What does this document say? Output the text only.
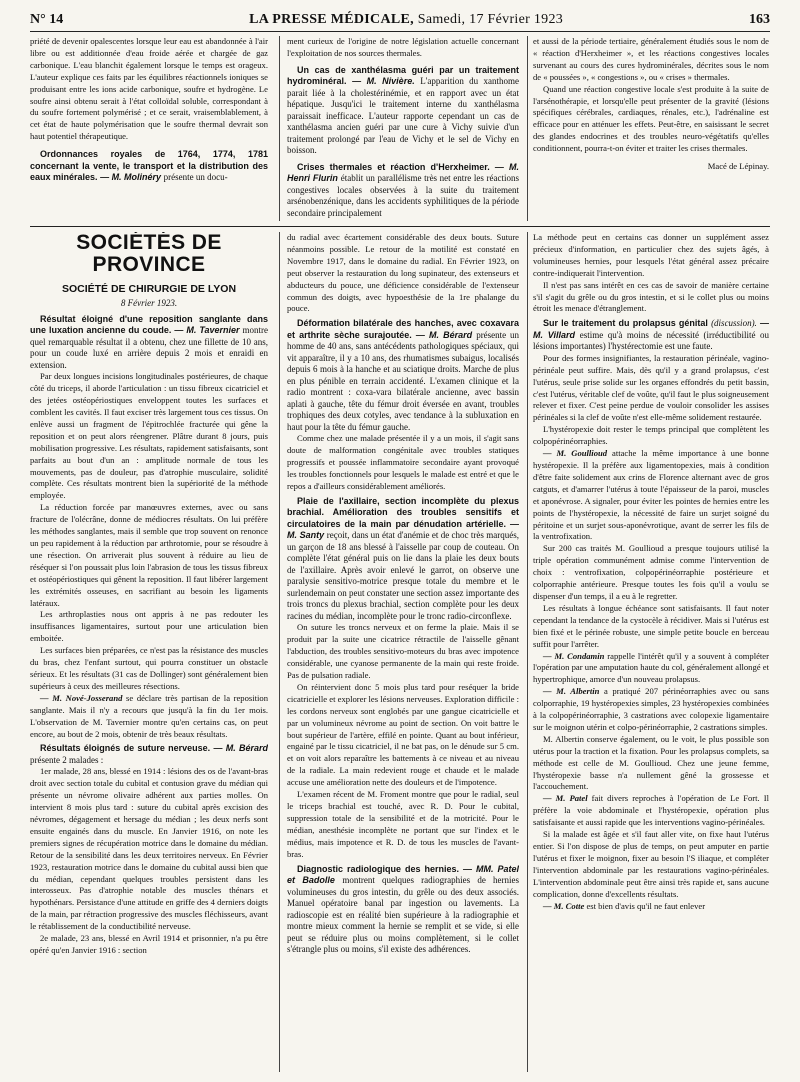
N° 14	LA PRESSE MÉDICALE, Samedi, 17 Février 1923	163

priété de devenir opalescentes lorsque leur eau est abandonnée à l'air libre ou est additionnée d'eau froide aérée et chargée de gaz carbonique. L'eau blanchit également lorsque le temps est orageux. L'auteur explique ces faits par les équilibres réactionnels ioniques se produisant entre les ions acide carbonique, soufre et hydrogène. Le soufre ainsi obtenu serait à l'état colloïdal soluble, correspondant à du soufre fortement polymérisé ; et ce serait, vraisemblablement, à cet état de haute polymérisation que le soufre thermal devrait son haut potentiel thérapeutique.

Ordonnances royales de 1764, 1774, 1781 concernant la vente, le transport et la distribution des eaux minérales. — M. Molinéry présente un docu-

ment curieux de l'origine de notre législation actuelle concernant l'exploitation de nos sources thermales.

Un cas de xanthélasma guéri par un traitement hydrominéral. — M. Nivière. L'apparition du xanthome parait liée à la cholestérinémie, et en rapport avec un état hépatique. Jusqu'ici le traitement interne du xanthélasma paraissait inefficace. L'auteur rapporte cependant un cas de xanthélasma ancien guéri par une cure à Vichy suivie d'un traitement prolongé par l'eau de Vichy et le sel de Vichy en boisson.
Crises thermales et réaction d'Herxheimer. — M. Henri Flurin établit un parallélisme très net entre les réactions congestives locales observées à la suite du traitement arsénobenzénique, dans les accidents syphilitiques de la période secondaire principalement

et aussi de la période tertiaire, généralement étudiés sous le nom de « réaction d'Herxheimer », et les réactions congestives locales survenant au cours des cures hydrominérales, décrites sous le nom de « poussées », « congestions », ou « crises » thermales.

Quand une réaction congestive locale s'est produite à la suite de l'arsénothérapie, et lorsqu'elle peut présenter de la gravité (lésions spécifiques cérébrales, cardiaques, rénales, etc.), l'adrénaline est efficace pour en atténuer les effets. Peut-être, en saisissant le secret des glandes endocrines et des troubles neuro-végétatifs qu'elles conditionnent, pourra-t-on éviter et traiter les crises thermales.

Macé de Lépinay.
SOCIÉTÉS DE PROVINCE
SOCIÉTÉ DE CHIRURGIE DE LYON
8 Février 1923.
Résultat éloigné d'une reposition sanglante dans une luxation ancienne du coude. — M. Tavernier montre quel remarquable résultat il a obtenu, chez une fillette de 10 ans, pour un coude luxé en arrière depuis 2 mois et enraidi en extension.

Par deux longues incisions longitudinales postérieures, de chaque côté du triceps, il aborde l'articulation : un tissu fibreux cicatriciel et des jetées ostéopériostiques enveloppent toutes les surfaces et comblent les cavités. Il faut exciser très largement tous ces tissus. On enlève aussi un fragment de l'épitrochlée fracturée qui gêne la reposition et on peut alors réengrener. Plâtre durant 8 jours, puis mobilisation progressive. Les résultats, rapidement satisfaisants, sont parfaits au bout d'un an : amplitude normale de tous les mouvements, pas de douleur, pas d'atrophie musculaire, solidité complète. Ces résultats montrent bien la supériorité de la méthode employée.

La réduction forcée par manœuvres externes, avec ou sans fracture de l'olécrâne, donne de médiocres résultats. On lui préfère les méthodes sanglantes, mais il semble que trop souvent on renonce un peu rapidement à la réduction par arthrotomie, pour se résoudre à une résection. On arriverait plus souvent à réduire au lieu de réséquer si l'on poussait plus loin l'abrasion de tous les tissus fibreux et ostéopériostiques qui gênent la reposition. Il faut libérer largement les extrémités osseuses, en sacrifiant au besoin les ligaments latéraux.

Les arthroplasties nous ont appris à ne pas redouter les insuffisances ligamentaires, surtout pour une articulation bien emboitée.

Les surfaces bien préparées, ce n'est pas la résistance des muscles du bras, chez l'enfant surtout, qui pourra constituer un obstacle sérieux. Et les résultats (31 cas de Dollinger) sont généralement bien supérieurs à ceux des meilleures résections.

— M. Nové-Josserand se déclare très partisan de la reposition sanglante. Mais il n'y a recours que jusqu'à la fin du 1er mois. L'observation de M. Tavernier montre qu'en certains cas, on peut encore, au bout de 2 mois, obtenir de très beaux résultats.

Résultats éloignés de suture nerveuse. — M. Bérard présente 2 malades :

1er malade, 28 ans, blessé en 1914 : lésions des os de l'avant-bras droit avec section totale du cubital et contusion grave du médian qui présente un névrome olivaire adhérent aux parties molles. On intervient 8 mois plus tard : suture du cubital après excision des névromes, dégagement et hersage du médian ; les deux nerfs sont ensuite engainés dans du muscle. En Janvier 1916, on note les premiers signes de récupération motrice dans le domaine du médian. Retour de la sensibilité dans les deux territoires nerveux. En Février 1923, restauration motrice dans le domaine du cubital aussi bien que du médian, cependant quelques troubles persistent dans les interosseux. Pas d'atrophie notable des muscles thénars et hypothénars. Persistance d'une attitude en griffe des 4 derniers doigts de la main, par rétraction progressive des muscles fléchisseurs, avant le rétablissement de la conductibilité nerveuse.

2e malade, 23 ans, blessé en Avril 1914 et prisonnier, n'a pu être opéré qu'en Janvier 1916 : section

du radial avec écartement considérable des deux bouts. Suture néanmoins possible. Le retour de la motilité est constaté en Novembre 1917, dans le domaine du radial. En Février 1923, on peut observer la restauration du long supinateur, des extenseurs et abducteurs du pouce, une déficience considérable de l'extenseur commun des doigts, avec hypoesthésie de la 1re phalange du pouce.

Déformation bilatérale des hanches, avec coxavara et arthrite sèche surajoutée. — M. Bérard présente un homme de 40 ans, sans antécédents pathologiques spéciaux, qui vit apparaître, il y a 10 ans, des rhumatismes subaigus, localisés depuis 6 mois à la hanche et au sciatique droits. Marche de plus en plus pénible en terrain accidenté. L'examen clinique et la radio montrent : coxa-vara bilatérale ancienne, avec bassin aplati à gauche, tête du fémur droit éversée en avant, troubles trophiques des deux cotyles, avec tendance à la subluxation en haut pour la tête du fémur gauche.

Comme chez une malade présentée il y a un mois, il s'agit sans doute de malformation congénitale avec troubles statiques progressifs et poussée inflammatoire secondaire ayant provoqué les troubles fonctionnels pour lesquels le malade est entré et que le repos a d'ailleurs considérablement améliorés.

Plaie de l'axillaire, section incomplète du plexus brachial. Amélioration des troubles sensitifs et circulatoires de la main par dénudation artérielle. — M. Santy reçoit, dans un état d'anémie et de choc très marqués, un garçon de 18 ans blessé à l'aisselle par coup de couteau. On complète l'état général puis on lie dans la plaie les deux bouts de l'axillaire. Après avoir enlevé le garrot, on observe une paralysie sensitivo-motrice presque totale du membre et le surlendemain on peut constater une section assez importante des trois troncs du plexus brachial, section complète pour les deux racines du médian, incomplète pour le tronc radio-circonflexe.

On suture les troncs nerveux et on ferme la plaie. Mais il se produit par la suite une cicatrice rétractile de l'aisselle gênant l'abduction, des troubles sensitivo-moteurs du bras avec impotence considérable, une cyanose permanente de la main qui reste froide. Pas de pulsation radiale.

On réintervient donc 5 mois plus tard pour reséquer la bride cicatricielle et explorer les lésions nerveuses. Exploration difficile : les cordons nerveux sont englobés par une gangue cicatricielle et par un volumineux névrome au point de section. On voit battre le bout supérieur de l'artère, effilé en pointe. Quant au bout inférieur, engainé par le tissu cicatriciel, il ne bat pas, on le dénude sur 5 cm. et on voit alors reparaître les battements à ce niveau et au niveau de la radiale. La main redevient rouge et chaude et le malade accuse une amélioration nette des douleurs et de l'impotence.

L'examen récent de M. Froment montre que pour le radial, seul le triceps brachial est touché, avec R. D. Pour le cubital, suppression totale de la sensibilité et de la motricité. Pour le médian, anesthésie incomplète ne portant que sur l'index et le médius, mais impotence et R. D. de tous les muscles de l'avant-bras.

Diagnostic radiologique des hernies. — MM. Patel et Badolle montrent quelques radiographies de hernies volumineuses du gros intestin, du grêle ou des deux associés. Manuel opératoire banal par ingestion ou lavements. La radioscopie est en réalité bien supérieure à la radiographie et montre mieux comment la hernie se remplit et se vide, si elle peut se réduire plus ou moins complètement, si le collet s'étrangle plus ou moins, s'il existe des adhérences.

La méthode peut en certains cas donner un supplément assez précieux d'information, en particulier chez des sujets âgés, à volumineuses hernies, pour lesquels l'état général assez précaire contre-indiquerait l'intervention.

Il n'est pas sans intérêt en ces cas de savoir de manière certaine s'il s'agit du grêle ou du gros intestin, et si le collet plus ou moins étroit les menace d'étranglement.

Sur le traitement du prolapsus génital (discussion). — M. Villard estime qu'à moins de nécessité (irréductibilité ou lésions importantes) l'hystérectomie est une faute.

Pour des formes insignifiantes, la restauration périnéale, vagino-périnéale peut suffire. Mais, dès qu'il y a grand prolapsus, c'est l'utérus, seule prise solide sur les organes effondrés du petit bassin, c'est l'utérus, véritable clef de voûte, qu'il faut le plus soigneusement relever et fixer. C'est peine perdue de vouloir consolider les assises périnéales si la clef de voûte n'est elle-même solidement restaurée.

L'hystéropexie doit rester le temps principal que complètent les colpopérinéorraphies.

— M. Goullioud attache la même importance à une bonne hystéropexie. Il la préfère aux ligamentopexies, mais à condition d'être faite solidement aux crins de Florence alternant avec de gros catguts, et d'amarrer l'utérus à toute l'épaisseur de la paroi, muscles et aponévrose. A signaler, pour éviter les pointes de hernies entre les points de l'hystéropexie, la nécessité de faire un surjet soigné du péritoine et un surjet sous-aponévrotique, avant de serrer les fils de la ventrofixation.

Sur 200 cas traités M. Goullioud a presque toujours utilisé la triple opération communément admise comme l'intervention de choix : ventrofixation, colpopérinéorraphie postérieure et colporraphie antérieure. Presque toutes les fois qu'il a voulu se dispenser d'un temps, il a eu à le regretter.

Les résultats à longue échéance sont satisfaisants. Il faut noter cependant la tendance de la cystocèle à récidiver. Mais si l'utérus est bien fixé et le périnée robuste, une simple petite boucle en berceau suffit pour l'arrêter.

— M. Condamin rappelle l'intérêt qu'il y a souvent à compléter l'opération par une amputation haute du col, généralement allongé et hypertrophique, amorce d'un nouveau prolapsus.

— M. Albertin a pratiqué 207 périnéorraphies avec ou sans colporraphie, 19 hystéropexies simples, 23 hystéropexies combinées à la colpopérinéorraphie, 3 castrations avec colopexie ligamentaire sur le moignon utérin et colpo-périnéorraphie, 2 castrations simples.

M. Albertin conserve également, ou le voit, le plus possible son utérus pour la traction et la fixation. Pour les prolapsus complets, sa méthode est celle de M. Goullioud. Chez une jeune femme, l'hystéropexie basse n'a nullement gêné la grossesse et l'accouchement.

— M. Patel fait divers reproches à l'opération de Le Fort. Il préfère la voie abdominale et l'hystéropexie, opération plus satisfaisante et aussi rapide que les interventions vagino-périnéales.

Si la malade est âgée et s'il faut aller vite, on fixe haut l'utérus entier. Si l'on dispose de plus de temps, on peut amputer en partie l'utérus et fixer le moignon, fixer au besoin l'S iliaque, et compléter l'intervention abdominale par les restaurations vagino-périnéales. L'intervention abdominale peut être ainsi très rapide et, sans aucune complication, donne d'excellents résultats.

— M. Cotte est bien d'avis qu'il ne faut enlever
